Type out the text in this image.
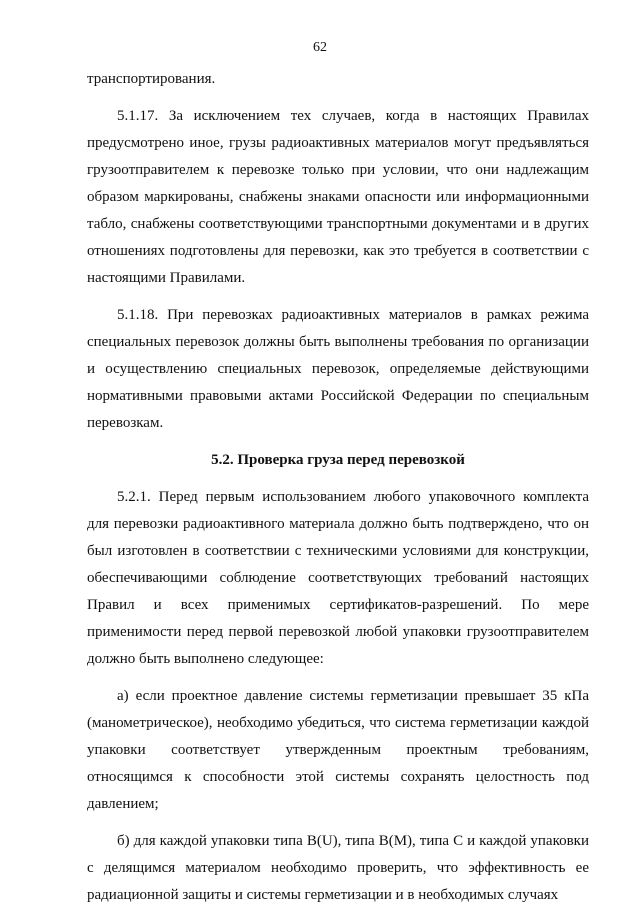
62

транспортирования.

5.1.17. За исключением тех случаев, когда в настоящих Правилах предусмотрено иное, грузы радиоактивных материалов могут предъявляться грузоотправителем к перевозке только при условии, что они надлежащим образом маркированы, снабжены знаками опасности или информационными табло, снабжены соответствующими транспортными документами и в других отношениях подготовлены для перевозки, как это требуется в соответствии с настоящими Правилами.

5.1.18. При перевозках радиоактивных материалов в рамках режима специальных перевозок должны быть выполнены требования по организации и осуществлению специальных перевозок, определяемые действующими нормативными правовыми актами Российской Федерации по специальным перевозкам.

5.2. Проверка груза перед перевозкой

5.2.1. Перед первым использованием любого упаковочного комплекта для перевозки радиоактивного материала должно быть подтверждено, что он был изготовлен в соответствии с техническими условиями для конструкции, обеспечивающими соблюдение соответствующих требований настоящих Правил и всех применимых сертификатов-разрешений. По мере применимости перед первой перевозкой любой упаковки грузоотправителем должно быть выполнено следующее:

а) если проектное давление системы герметизации превышает 35 кПа (манометрическое), необходимо убедиться, что система герметизации каждой упаковки соответствует утвержденным проектным требованиям, относящимся к способности этой системы сохранять целостность под давлением;

б) для каждой упаковки типа B(U), типа B(M), типа C и каждой упаковки с делящимся материалом необходимо проверить, что эффективность ее радиационной защиты и системы герметизации и в необходимых случаях
